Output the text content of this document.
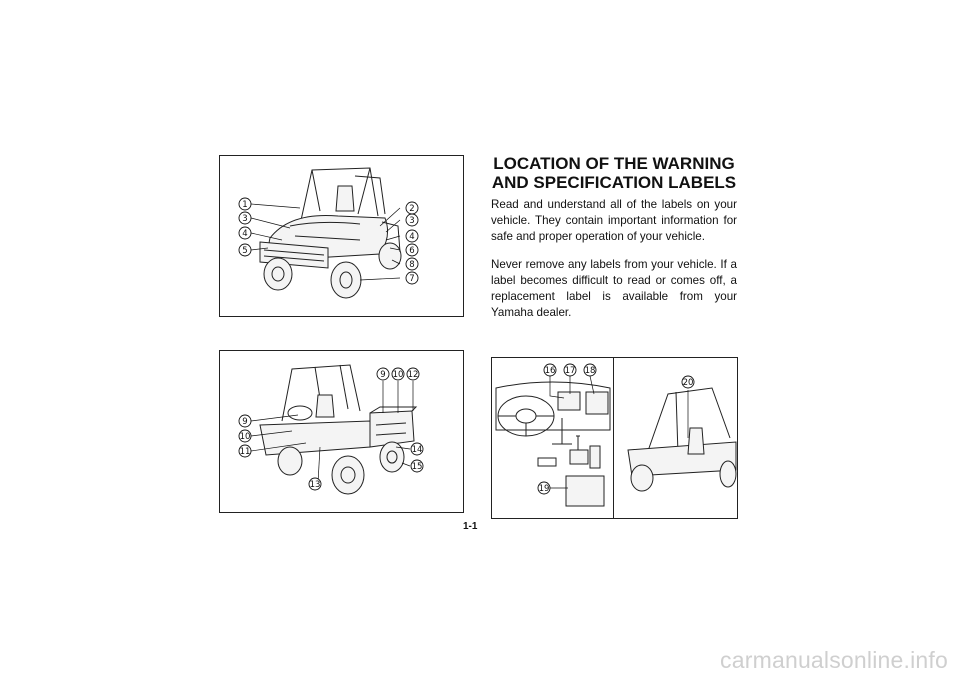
1
3
4
5
2
3
4
6
8
7
9 10 12
9
10
11	14
15
13
LOCATION OF THE WARNING
AND SPECIFICATION LABELS

Read and understand all of the labels on your vehicle. They contain important information for safe and proper operation of your vehicle.

Never remove any labels from your vehicle. If a label becomes difficult to read or comes off, a replacement label is available from your Yamaha dealer.

16 17 18
19
20
1-1
carmanualsonline.info
